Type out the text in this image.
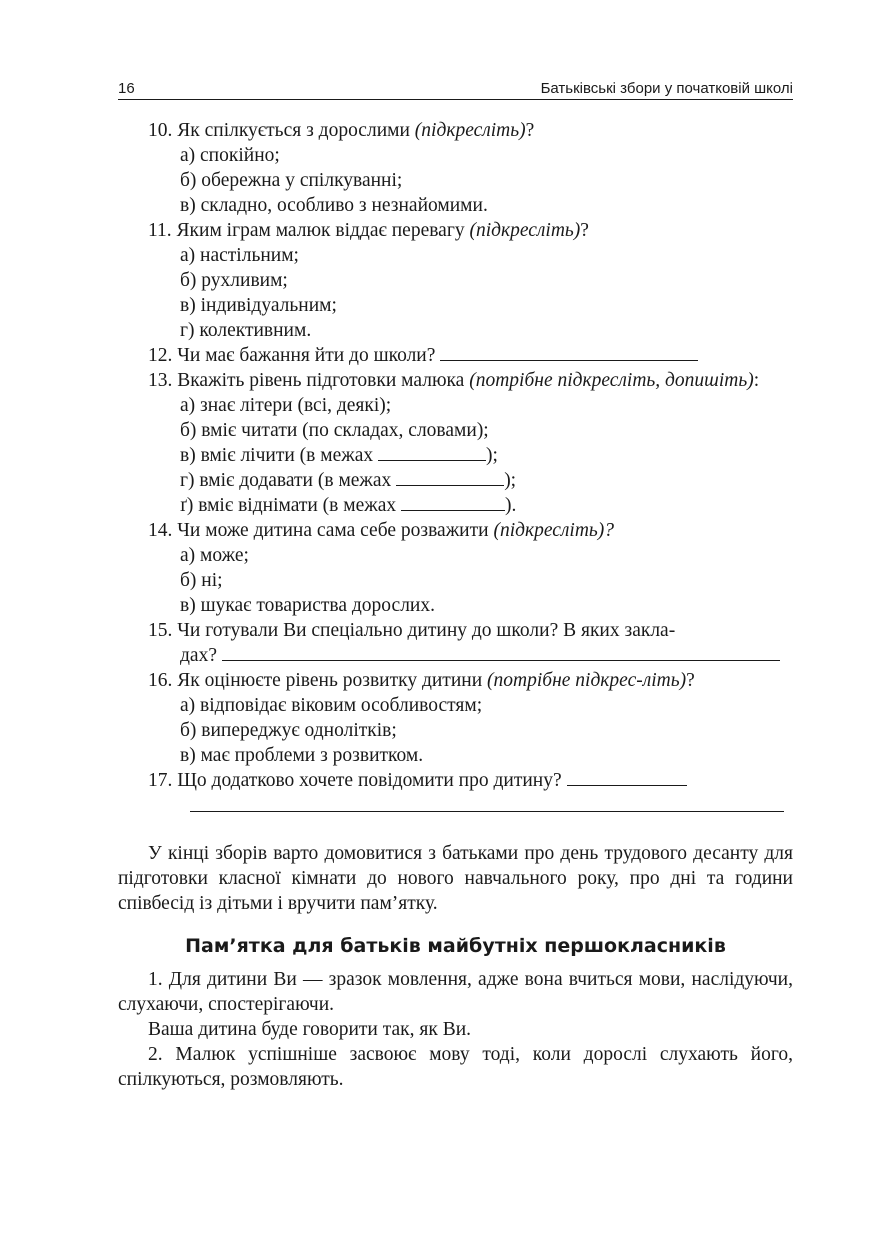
16	Батьківські збори у початковій школі
10. Як спілкується з дорослими (підкресліть)?
а) спокійно;
б) обережна у спілкуванні;
в) складно, особливо з незнайомими.
11. Яким іграм малюк віддає перевагу (підкресліть)?
а) настільним;
б) рухливим;
в) індивідуальним;
г) колективним.
12. Чи має бажання йти до школи?
13. Вкажіть рівень підготовки малюка (потрібне підкресліть, допишіть):
а) знає літери (всі, деякі);
б) вміє читати (по складах, словами);
в) вміє лічити (в межах	);
г) вміє додавати (в межах	);
ґ) вміє віднімати (в межах	).
14. Чи може дитина сама себе розважити (підкресліть)?
а) може;
б) ні;
в) шукає товариства дорослих.
15. Чи готували Ви спеціально дитину до школи? В яких закла-
дах?
16. Як оцінюєте рівень розвитку дитини (потрібне підкрес-літь)?
а) відповідає віковим особливостям;
б) випереджує однолітків;
в) має проблеми з розвитком.
17. Що додатково хочете повідомити про дитину?
У кінці зборів варто домовитися з батьками про день трудового десанту для підготовки класної кімнати до нового навчального року, про дні та години співбесід із дітьми і вручити пам’ятку.
Пам’ятка для батьків майбутніх першокласників
1. Для дитини Ви — зразок мовлення, адже вона вчиться мови, наслідуючи, слухаючи, спостерігаючи.
Ваша дитина буде говорити так, як Ви.
2. Малюк успішніше засвоює мову тоді, коли дорослі слухають його, спілкуються, розмовляють.
